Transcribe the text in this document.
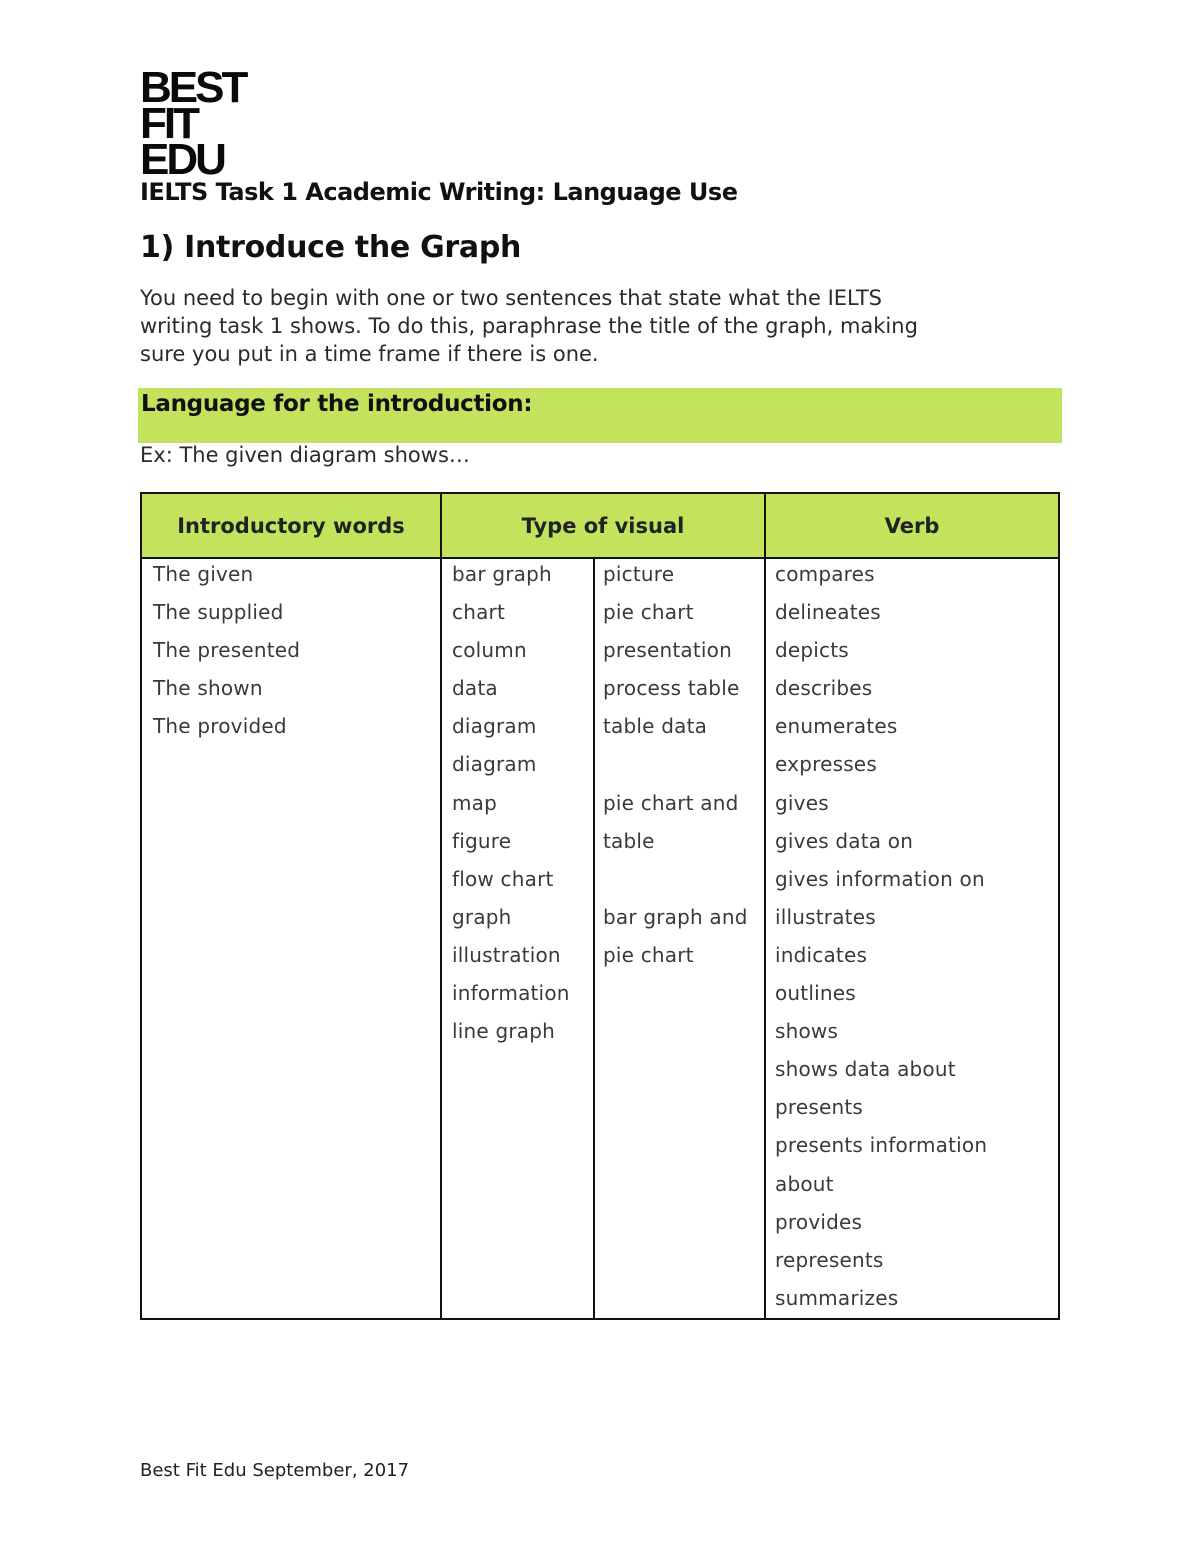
BEST
FIT
EDU
IELTS Task 1 Academic Writing: Language Use
1) Introduce the Graph
You need to begin with one or two sentences that state what the IELTS
writing task 1 shows. To do this, paraphrase the title of the graph, making
sure you put in a time frame if there is one.
Language for the introduction:
Ex: The given diagram shows…
Introductory words	Type of visual	Verb
The given
The supplied
The presented
The shown
The provided
bar graph
chart
column
data
diagram
diagram
map
figure
flow chart
graph
illustration
information
line graph
picture
pie chart
presentation
process table
table data
pie chart and
table
bar graph and
pie chart
compares
delineates
depicts
describes
enumerates
expresses
gives
gives data on
gives information on
illustrates
indicates
outlines
shows
shows data about
presents
presents information
about
provides
represents
summarizes
Best Fit Edu September, 2017
